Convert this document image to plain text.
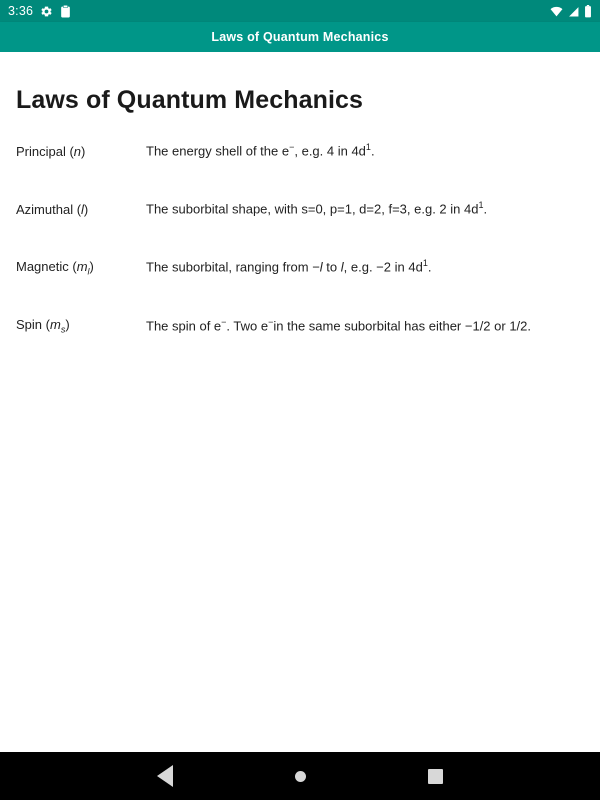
3:36
Laws of Quantum Mechanics
Laws of Quantum Mechanics
Principal (n)	The energy shell of the e−, e.g. 4 in $4d^1$.

Azimuthal (l)	The suborbital shape, with s=0, p=1, d=2, f=3, e.g. 2 in $4d^1$.

Magnetic $(m_l)$	The suborbital, ranging from −l to l, e.g. −2 in $4d^1$.

Spin $(m_s)$	The spin of e−. Two e−in the same suborbital has either −1/2 or 1/2.
